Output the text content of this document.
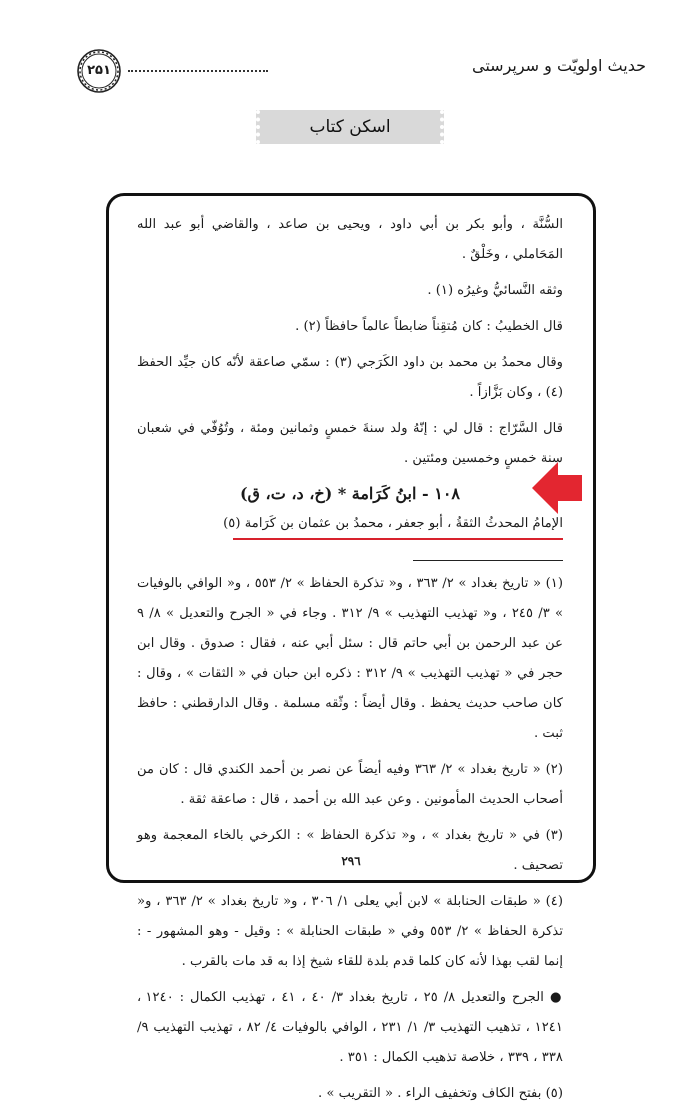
۲۵۱	حدیث اولویّت و سرپرستی
اسکن کتاب

السُّنَّة ، وأبو بكر بن أبي داود ، ويحيى بن صاعد ، والقاضي أبو عبد الله المَحَاملي ، وخَلْقٌ .

وثقه النَّسائيُّ وغيرُه (١) .

قال الخطيبُ : كان مُتقِناً ضابطاً عالماً حافظاً (٢) .

وقال محمدُ بن محمد بن داود الكَرَجي (٣) : سمّي صاعقة لأنّه كان جيِّد الحفظ (٤) ، وكان بَزَّازاً .

قال السَّرّاج : قال لي : إنّهُ ولد سنةَ خمسٍ وثمانين ومئة ، وتُوُفّي في شعبان سنة خمسٍ وخمسين ومئتين .

١٠٨ - ابنُ كَرَامة * (خ، د، ت، ق)
الإمامُ المحدثُ الثقةُ ، أبو جعفر ، محمدُ بن عثمان بن كَرَامة (٥)

(١) « تاريخ بغداد » ٢/ ٣٦٣ ، و« تذكرة الحفاظ » ٢/ ٥٥٣ ، و« الوافي بالوفيات » ٣/ ٢٤٥ ، و« تهذيب التهذيب » ٩/ ٣١٢ . وجاء في « الجرح والتعديل » ٨/ ٩ عن عبد الرحمن بن أبي حاتم قال : سئل أبي عنه ، فقال : صدوق . وقال ابن حجر في « تهذيب التهذيب » ٩/ ٣١٢ : ذكره ابن حبان في « الثقات » ، وقال : كان صاحب حديث يحفظ . وقال أيضاً : وثّقه مسلمة . وقال الدارقطني : حافظ ثبت .

(٢) « تاريخ بغداد » ٢/ ٣٦٣ وفيه أيضاً عن نصر بن أحمد الكندي قال : كان من أصحاب الحديث المأمونين . وعن عبد الله بن أحمد ، قال : صاعقة ثقة .

(٣) في « تاريخ بغداد » ، و« تذكرة الحفاظ » : الكرخي بالخاء المعجمة وهو تصحيف .

(٤) « طبقات الحنابلة » لابن أبي يعلى ١/ ٣٠٦ ، و« تاريخ بغداد » ٢/ ٣٦٣ ، و« تذكرة الحفاظ » ٢/ ٥٥٣ وفي « طبقات الحنابلة » : وقيل - وهو المشهور - : إنما لقب بهذا لأنه كان كلما قدم بلدة للقاء شيخ إذا به قد مات بالقرب .

● الجرح والتعديل ٨/ ٢٥ ، تاريخ بغداد ٣/ ٤٠ ، ٤١ ، تهذيب الكمال : ١٢٤٠ ، ١٢٤١ ، تذهيب التهذيب ٣/ ١/ ٢٣١ ، الوافي بالوفيات ٤/ ٨٢ ، تهذيب التهذيب ٩/ ٣٣٨ ، ٣٣٩ ، خلاصة تذهيب الكمال : ٣٥١ .

(٥) بفتح الكاف وتخفيف الراء . « التقريب » .

٢٩٦
